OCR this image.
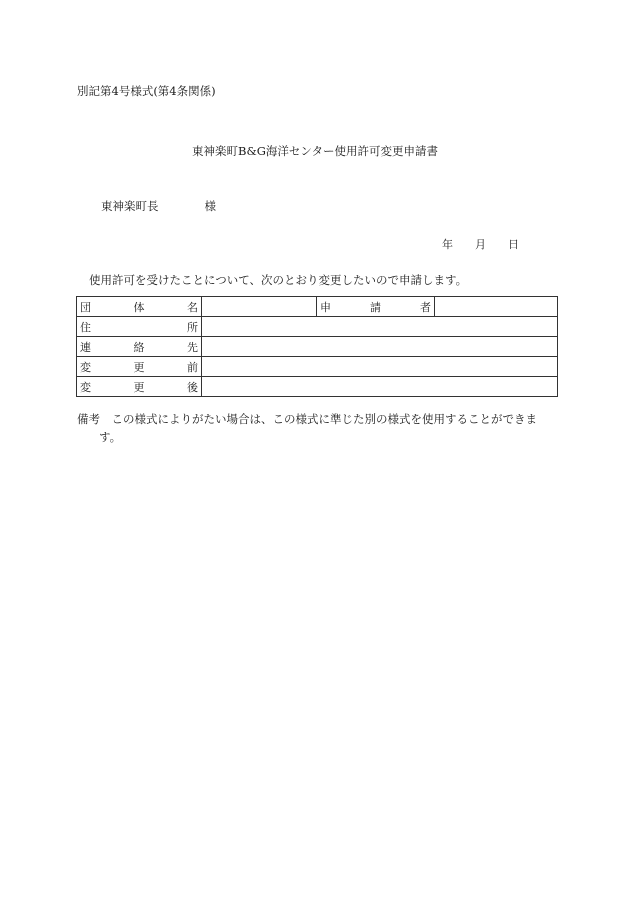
別記第4号様式(第4条関係)
東神楽町B&G海洋センター使用許可変更申請書
東神楽町長	様
年 月 日
使用許可を受けたことについて、次のとおり変更したいので申請します。
団 体 名		申 請 者	

住 所			

連 絡 先			

変 更 前			

変 更 後			

備考　この様式によりがたい場合は、この様式に準じた別の様式を使用することができま
す。
